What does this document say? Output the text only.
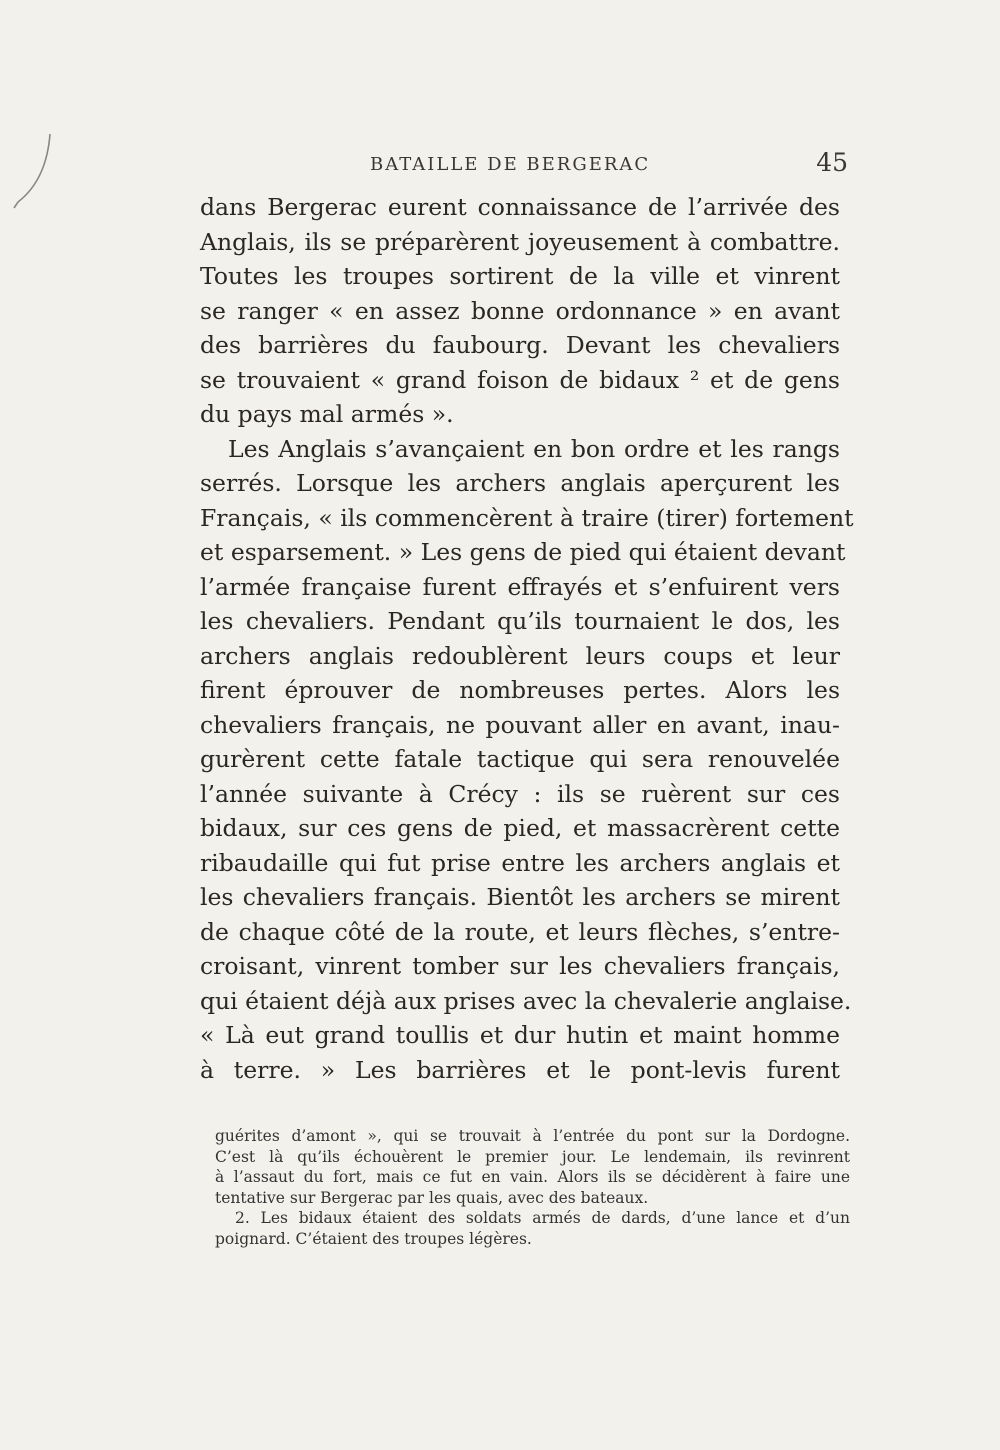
BATAILLE DE BERGERAC	45
dans Bergerac eurent connaissance de l’arrivée des
Anglais, ils se préparèrent joyeusement à combattre.
Toutes les troupes sortirent de la ville et vinrent
se ranger « en assez bonne ordonnance » en avant
des barrières du faubourg. Devant les chevaliers
se trouvaient « grand foison de bidaux ² et de gens
du pays mal armés ».
Les Anglais s’avançaient en bon ordre et les rangs
serrés. Lorsque les archers anglais aperçurent les
Français, « ils commencèrent à traire (tirer) fortement
et esparsement. » Les gens de pied qui étaient devant
l’armée française furent effrayés et s’enfuirent vers
les chevaliers. Pendant qu’ils tournaient le dos, les
archers anglais redoublèrent leurs coups et leur
firent éprouver de nombreuses pertes. Alors les
chevaliers français, ne pouvant aller en avant, inau-
gurèrent cette fatale tactique qui sera renouvelée
l’année suivante à Crécy : ils se ruèrent sur ces
bidaux, sur ces gens de pied, et massacrèrent cette
ribaudaille qui fut prise entre les archers anglais et
les chevaliers français. Bientôt les archers se mirent
de chaque côté de la route, et leurs flèches, s’entre-
croisant, vinrent tomber sur les chevaliers français,
qui étaient déjà aux prises avec la chevalerie anglaise.
« Là eut grand toullis et dur hutin et maint homme
à terre. » Les barrières et le pont-levis furent
guérites d’amont », qui se trouvait à l’entrée du pont sur la Dordogne.
C’est là qu’ils échouèrent le premier jour. Le lendemain, ils revinrent
à l’assaut du fort, mais ce fut en vain. Alors ils se décidèrent à faire une
tentative sur Bergerac par les quais, avec des bateaux.
2. Les bidaux étaient des soldats armés de dards, d’une lance et d’un
poignard. C’étaient des troupes légères.
